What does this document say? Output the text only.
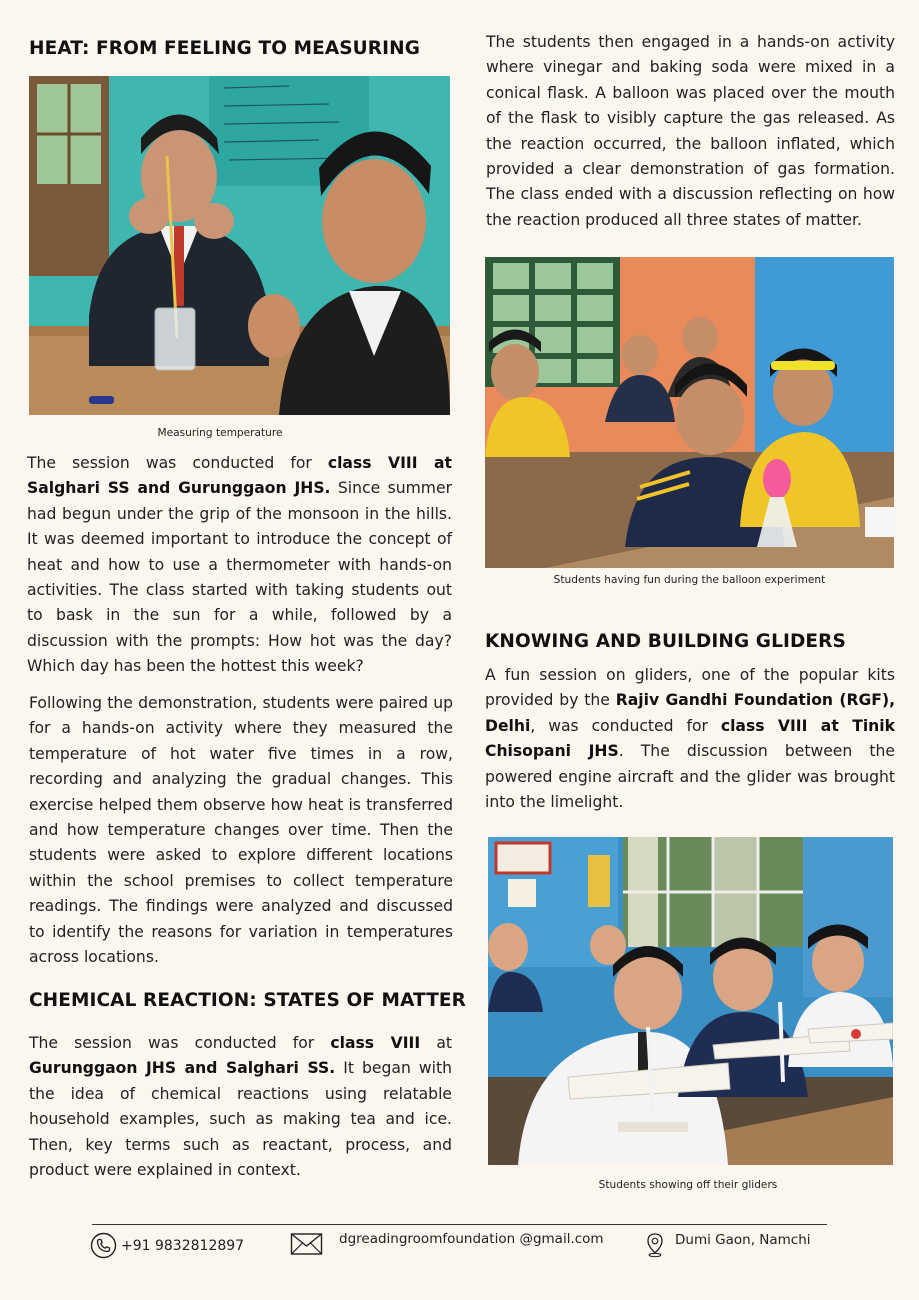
HEAT: FROM FEELING TO MEASURING
Measuring temperature

The session was conducted for class VIII at Salghari SS and Gurunggaon JHS. Since summer had begun under the grip of the monsoon in the hills. It was deemed important to introduce the concept of heat and how to use a thermometer with hands-on activities. The class started with taking students out to bask in the sun for a while, followed by a discussion with the prompts: How hot was the day? Which day has been the hottest this week?

Following the demonstration, students were paired up for a hands-on activity where they measured the temperature of hot water five times in a row, recording and analyzing the gradual changes. This exercise helped them observe how heat is transferred and how temperature changes over time. Then the students were asked to explore different locations within the school premises to collect temperature readings. The findings were analyzed and discussed to identify the reasons for variation in temperatures across locations.

CHEMICAL REACTION: STATES OF MATTER

The session was conducted for class VIII at Gurunggaon JHS and Salghari SS. It began with the idea of chemical reactions using relatable household examples, such as making tea and ice. Then, key terms such as reactant, process, and product were explained in context.

The students then engaged in a hands-on activity where vinegar and baking soda were mixed in a conical flask. A balloon was placed over the mouth of the flask to visibly capture the gas released. As the reaction occurred, the balloon inflated, which provided a clear demonstration of gas formation. The class ended with a discussion reflecting on how the reaction produced all three states of matter.

Students having fun during the balloon experiment
KNOWING AND BUILDING GLIDERS

A fun session on gliders, one of the popular kits provided by the Rajiv Gandhi Foundation (RGF), Delhi, was conducted for class VIII at Tinik Chisopani JHS. The discussion between the powered engine aircraft and the glider was brought into the limelight.

Students showing off their gliders
+91 9832812897	dgreadingroomfoundation @gmail.com	Dumi Gaon, Namchi
